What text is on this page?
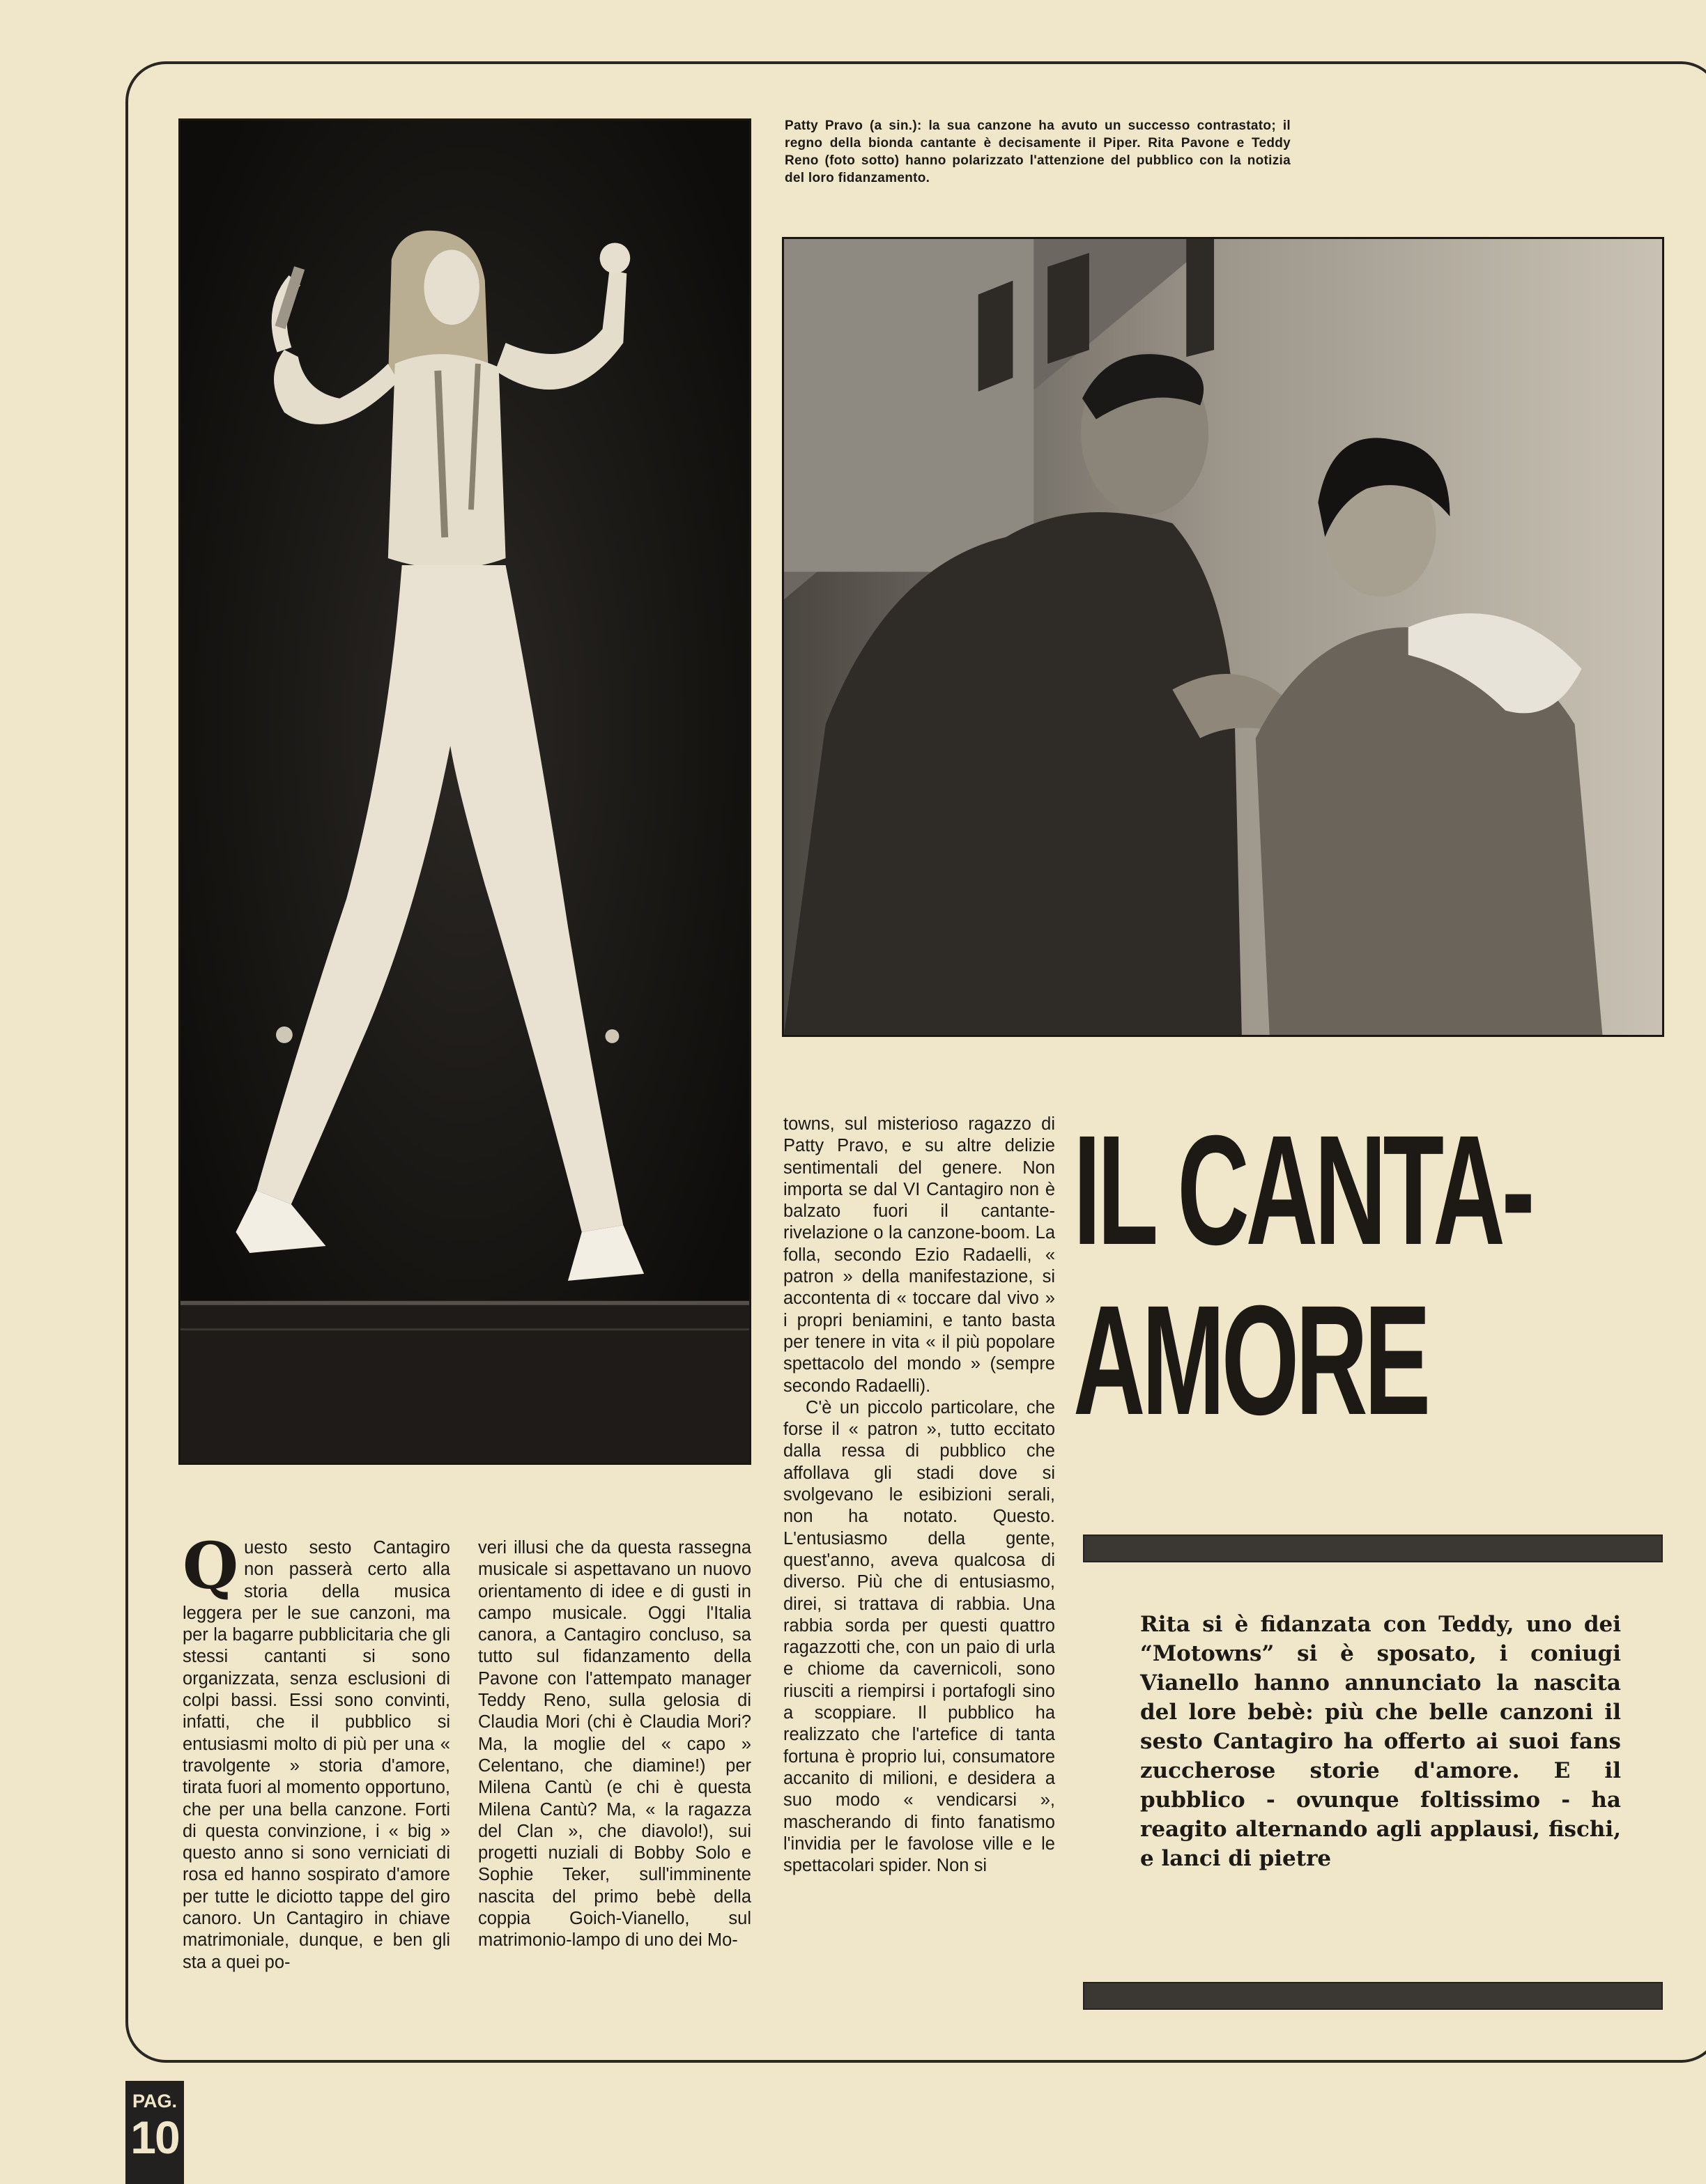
Patty Pravo (a sin.): la sua canzone ha avuto un successo contrastato; il regno della bionda cantante è decisamente il Piper. Rita Pavone e Teddy Reno (foto sotto) hanno polarizzato l'attenzione del pubblico con la notizia del loro fidanzamento.
IL CANTA-
AMORE
Rita si è fidanzata con Teddy, uno dei “Motowns” si è sposato, i coniugi Vianello hanno annunciato la nascita del lore bebè: più che belle canzoni il sesto Cantagiro ha offerto ai suoi fans zuccherose storie d'amore. E il pubblico - ovunque foltissimo - ha reagito alternando agli applausi, fischi, e lanci di pietre
Questo sesto Cantagiro non passerà certo alla storia della musica leggera per le sue canzoni, ma per la bagarre pubblicitaria che gli stessi cantanti si sono organizzata, senza esclusioni di colpi bassi. Essi sono convinti, infatti, che il pubblico si entusiasmi molto di più per una « travolgente » storia d'amore, tirata fuori al momento opportuno, che per una bella canzone. Forti di questa convinzione, i « big » questo anno si sono verniciati di rosa ed hanno sospirato d'amore per tutte le diciotto tappe del giro canoro. Un Cantagiro in chiave matrimoniale, dunque, e ben gli sta a quei po-
veri illusi che da questa rassegna musicale si aspettavano un nuovo orientamento di idee e di gusti in campo musicale. Oggi l'Italia canora, a Cantagiro concluso, sa tutto sul fidanzamento della Pavone con l'attempato manager Teddy Reno, sulla gelosia di Claudia Mori (chi è Claudia Mori? Ma, la moglie del « capo » Celentano, che diamine!) per Milena Cantù (e chi è questa Milena Cantù? Ma, « la ragazza del Clan », che diavolo!), sui progetti nuziali di Bobby Solo e Sophie Teker, sull'imminente nascita del primo bebè della coppia Goich-Vianello, sul matrimonio-lampo di uno dei Mo-
towns, sul misterioso ragazzo di Patty Pravo, e su altre delizie sentimentali del genere. Non importa se dal VI Cantagiro non è balzato fuori il cantante-rivelazione o la canzone-boom. La folla, secondo Ezio Radaelli, « patron » della manifestazione, si accontenta di « toccare dal vivo » i propri beniamini, e tanto basta per tenere in vita « il più popolare spettacolo del mondo » (sempre secondo Radaelli).

C'è un piccolo particolare, che forse il « patron », tutto eccitato dalla ressa di pubblico che affollava gli stadi dove si svolgevano le esibizioni serali, non ha notato. Questo. L'entusiasmo della gente, quest'anno, aveva qualcosa di diverso. Più che di entusiasmo, direi, si trattava di rabbia. Una rabbia sorda per questi quattro ragazzotti che, con un paio di urla e chiome da cavernicoli, sono riusciti a riempirsi i portafogli sino a scoppiare. Il pubblico ha realizzato che l'artefice di tanta fortuna è proprio lui, consumatore accanito di milioni, e desidera a suo modo « vendicarsi », mascherando di finto fanatismo l'invidia per le favolose ville e le spettacolari spider. Non si

PAG.
10
